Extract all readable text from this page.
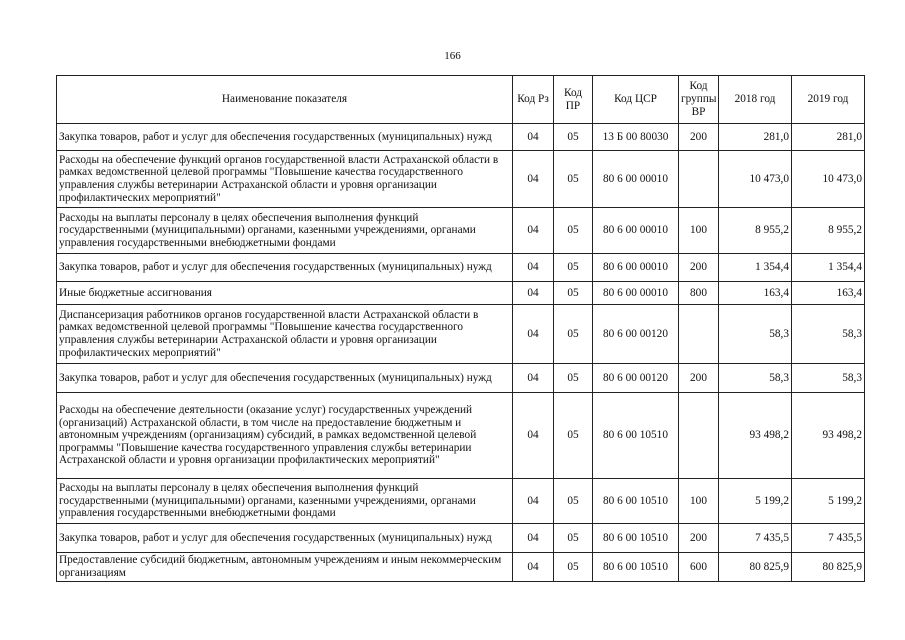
166
Наименование показателя	Код Рз	Код ПР	Код ЦСР	Код группы ВР	2018 год	2019 год
Закупка товаров, работ и услуг для обеспечения государственных (муниципальных) нужд	04	05	13 Б 00 80030	200	281,0	281,0
Расходы на обеспечение функций органов государственной власти Астраханской области в рамках ведомственной целевой программы "Повышение качества государственного управления службы ветеринарии Астраханской области и уровня организации профилактических мероприятий"	04	05	80 6 00 00010		10 473,0	10 473,0
Расходы на выплаты персоналу в целях обеспечения выполнения функций государственными (муниципальными) органами, казенными учреждениями, органами управления государственными внебюджетными фондами	04	05	80 6 00 00010	100	8 955,2	8 955,2
Закупка товаров, работ и услуг для обеспечения государственных (муниципальных) нужд	04	05	80 6 00 00010	200	1 354,4	1 354,4
Иные бюджетные ассигнования	04	05	80 6 00 00010	800	163,4	163,4
Диспансеризация работников органов государственной власти Астраханской области в рамках ведомственной целевой программы "Повышение качества государственного управления службы ветеринарии Астраханской области и уровня организации профилактических мероприятий"	04	05	80 6 00 00120		58,3	58,3
Закупка товаров, работ и услуг для обеспечения государственных (муниципальных) нужд	04	05	80 6 00 00120	200	58,3	58,3
Расходы на обеспечение деятельности (оказание услуг) государственных учреждений (организаций) Астраханской области, в том числе на предоставление бюджетным и автономным учреждениям (организациям) субсидий, в рамках ведомственной целевой программы "Повышение качества государственного управления службы ветеринарии Астраханской области и уровня организации профилактических мероприятий"	04	05	80 6 00 10510		93 498,2	93 498,2
Расходы на выплаты персоналу в целях обеспечения выполнения функций государственными (муниципальными) органами, казенными учреждениями, органами управления государственными внебюджетными фондами	04	05	80 6 00 10510	100	5 199,2	5 199,2
Закупка товаров, работ и услуг для обеспечения государственных (муниципальных) нужд	04	05	80 6 00 10510	200	7 435,5	7 435,5
Предоставление субсидий бюджетным, автономным учреждениям и иным некоммерческим организациям	04	05	80 6 00 10510	600	80 825,9	80 825,9
